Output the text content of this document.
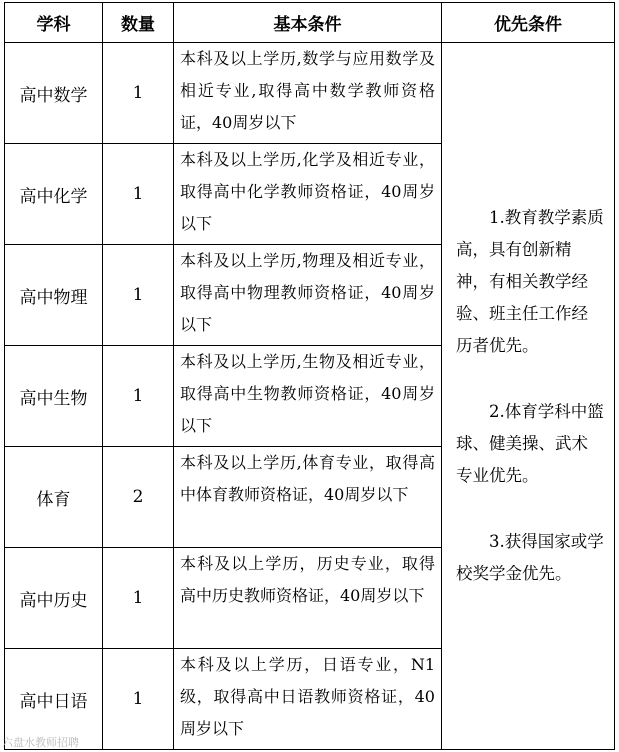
学科	数量	基本条件	优先条件
高中数学	1	本科及以上学历,数学与应用数学及相近专业,取得高中数学教师资格证，40周岁以下	1.教育教学素质高，具有创新精神，有相关教学经验、班主任工作经历者优先。

2.体育学科中篮球、健美操、武术专业优先。

3.获得国家或学校奖学金优先。

高中化学	1	本科及以上学历,化学及相近专业，取得高中化学教师资格证，40周岁以下	
高中物理	1	本科及以上学历,物理及相近专业，取得高中物理教师资格证，40周岁以下	
高中生物	1	本科及以上学历,生物及相近专业，取得高中生物教师资格证，40周岁以下	
体育	2	本科及以上学历,体育专业，取得高中体育教师资格证，40周岁以下	
高中历史	1	本科及以上学历，历史专业，取得高中历史教师资格证，40周岁以下	
高中日语	1	本科及以上学历，日语专业，N1级，取得高中日语教师资格证，40周岁以下	
六盘水教师招聘
